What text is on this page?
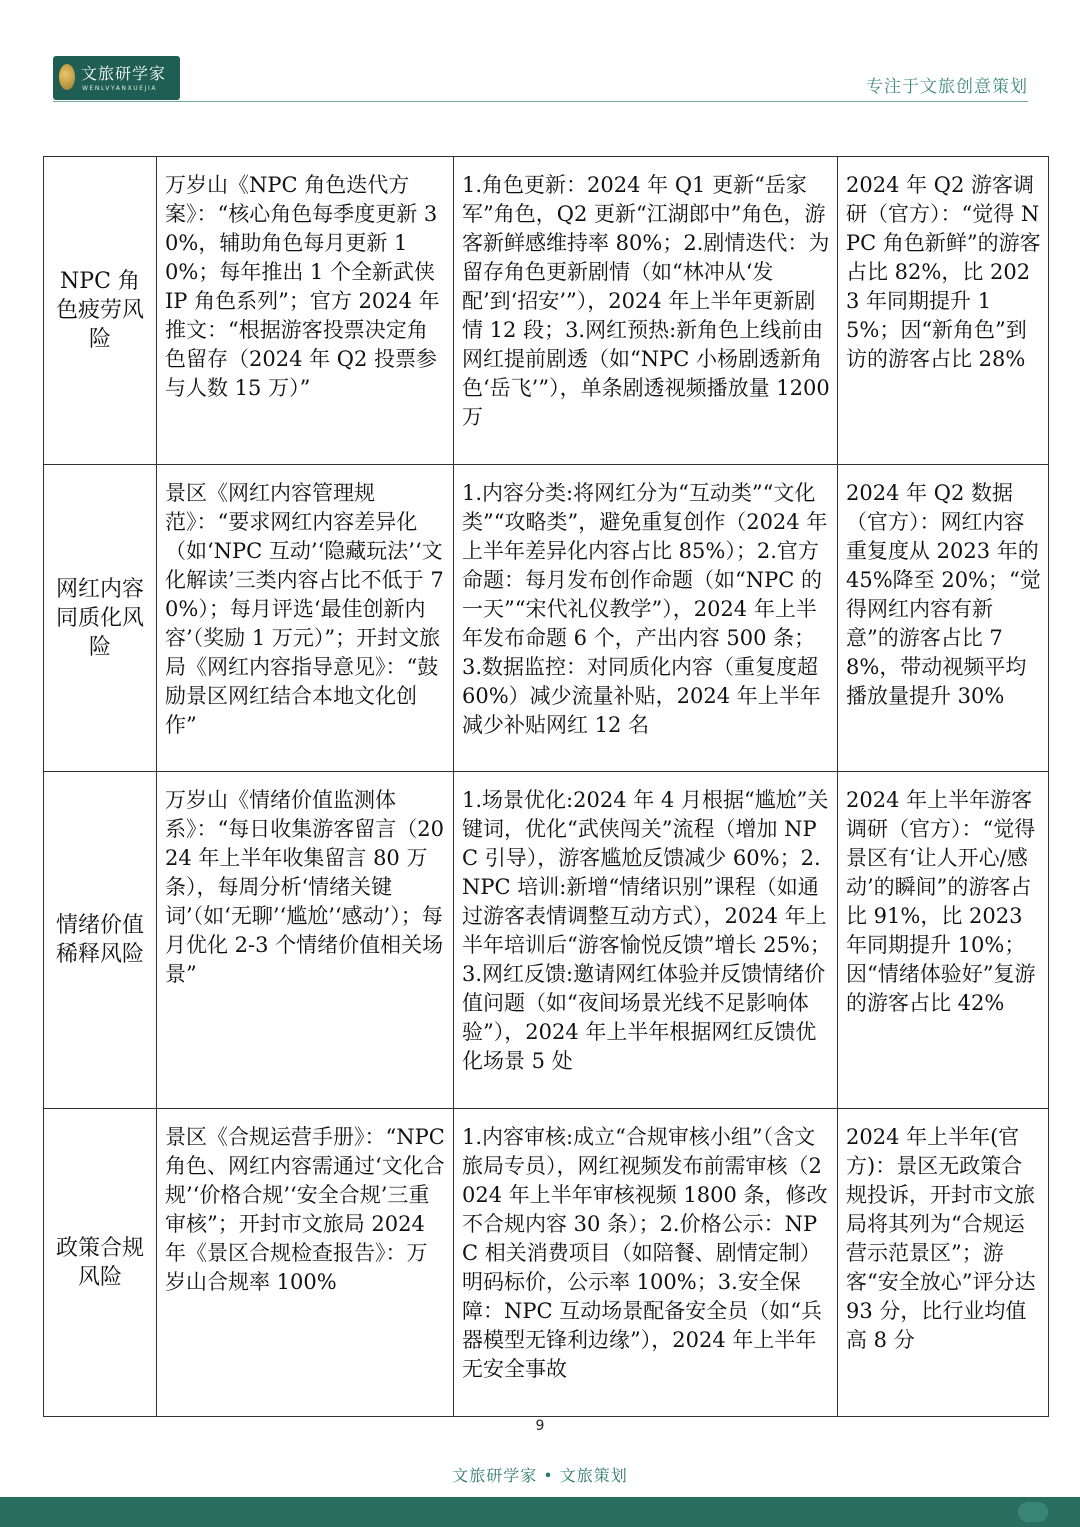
文旅研学家
WENLVYANXUEJIA	专注于文旅创意策划
NPC 角色疲劳风险	万岁山《NPC 角色迭代方案》：“核心角色每季度更新 30%，辅助角色每月更新 10%；每年推出 1 个全新武侠 IP 角色系列”；官方 2024 年推文：“根据游客投票决定角色留存（2024 年 Q2 投票参与人数 15 万）”	1.角色更新：2024 年 Q1 更新“岳家军”角色，Q2 更新“江湖郎中”角色，游客新鲜感维持率 80%；2.剧情迭代：为留存角色更新剧情（如“林冲从‘发配’到‘招安’”），2024 年上半年更新剧情 12 段；3.网红预热:新角色上线前由网红提前剧透（如“NPC 小杨剧透新角色‘岳飞’”），单条剧透视频播放量 1200 万	2024 年 Q2 游客调研（官方）：“觉得 NPC 角色新鲜”的游客占比 82%，比 2023 年同期提升 15%；因“新角色”到访的游客占比 28%
网红内容同质化风险	景区《网红内容管理规范》：“要求网红内容差异化（如‘NPC 互动’‘隐藏玩法’‘文化解读’三类内容占比不低于 70%）；每月评选‘最佳创新内容’（奖励 1 万元）”；开封文旅局《网红内容指导意见》：“鼓励景区网红结合本地文化创作”	1.内容分类:将网红分为“互动类”“文化类”“攻略类”，避免重复创作（2024 年上半年差异化内容占比 85%）；2.官方命题：每月发布创作命题（如“NPC 的一天”“宋代礼仪教学”），2024 年上半年发布命题 6 个，产出内容 500 条；3.数据监控：对同质化内容（重复度超 60%）减少流量补贴，2024 年上半年减少补贴网红 12 名	2024 年 Q2 数据（官方）：网红内容重复度从 2023 年的45%降至 20%；“觉得网红内容有新意”的游客占比 78%，带动视频平均播放量提升 30%
情绪价值稀释风险	万岁山《情绪价值监测体系》：“每日收集游客留言（2024 年上半年收集留言 80 万条），每周分析‘情绪关键词’（如‘无聊’‘尴尬’‘感动’）；每月优化 2-3 个情绪价值相关场景”	1.场景优化:2024 年 4 月根据“尴尬”关键词，优化“武侠闯关”流程（增加 NPC 引导），游客尴尬反馈减少 60%；2.NPC 培训:新增“情绪识别”课程（如通过游客表情调整互动方式），2024 年上半年培训后“游客愉悦反馈”增长 25%；3.网红反馈:邀请网红体验并反馈情绪价值问题（如“夜间场景光线不足影响体验”），2024 年上半年根据网红反馈优化场景 5 处	2024 年上半年游客调研（官方）：“觉得景区有‘让人开心/感动’的瞬间”的游客占比 91%，比 2023 年同期提升 10%；因“情绪体验好”复游的游客占比 42%
政策合规风险	景区《合规运营手册》：“NPC 角色、网红内容需通过‘文化合规’‘价格合规’‘安全合规’三重审核”；开封市文旅局 2024 年《景区合规检查报告》：万岁山合规率 100%	1.内容审核:成立“合规审核小组”（含文旅局专员），网红视频发布前需审核（2024 年上半年审核视频 1800 条，修改不合规内容 30 条）；2.价格公示：NPC 相关消费项目（如陪餐、剧情定制）明码标价，公示率 100%；3.安全保障：NPC 互动场景配备安全员（如“兵器模型无锋利边缘”），2024 年上半年无安全事故	2024 年上半年(官方)：景区无政策合规投诉，开封市文旅局将其列为“合规运营示范景区”；游客“安全放心”评分达 93 分，比行业均值高 8 分
9
文旅研学家 • 文旅策划
